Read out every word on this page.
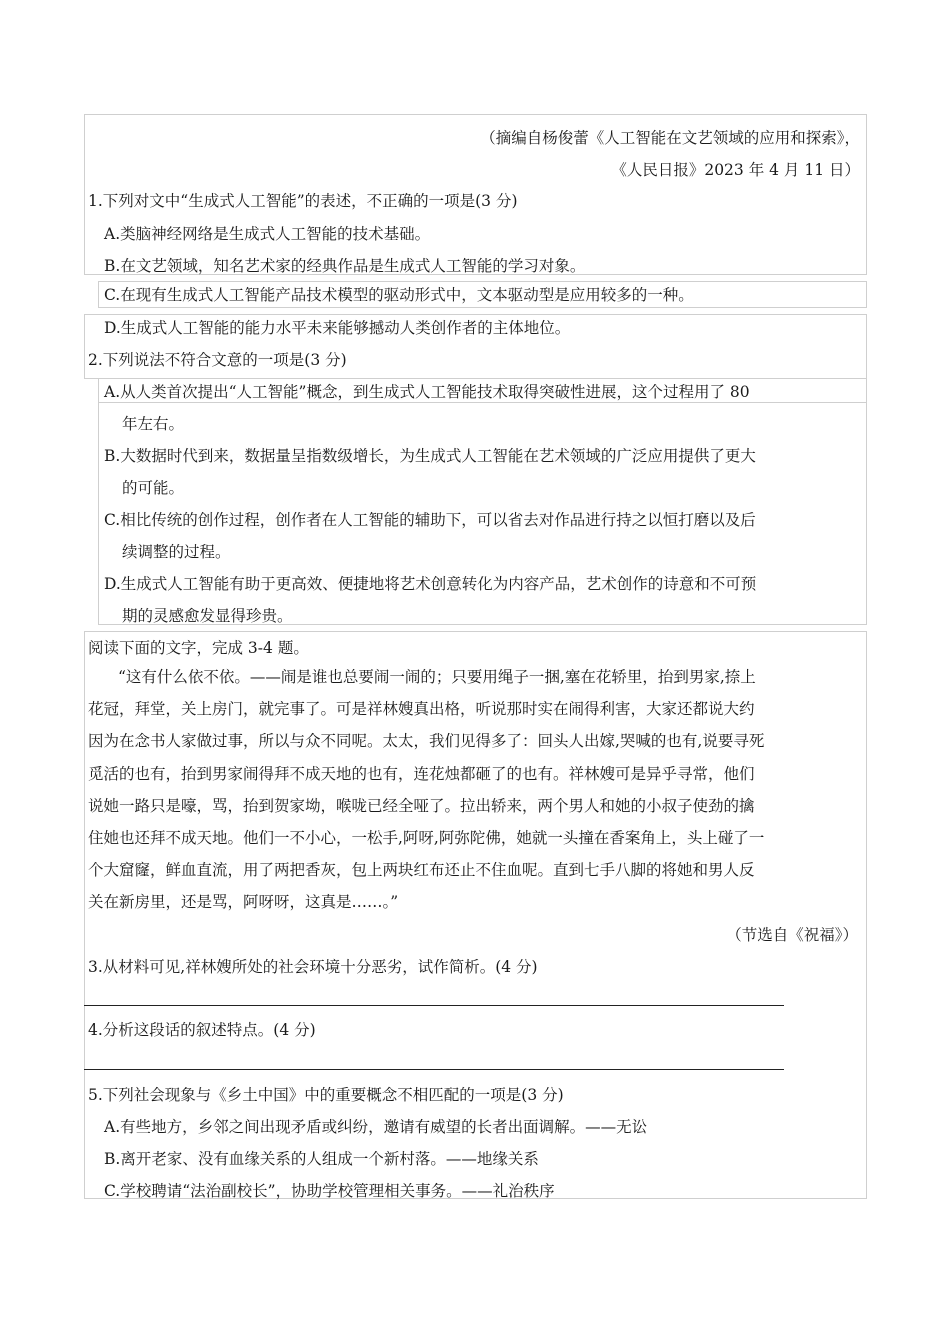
（摘编自杨俊蕾《人工智能在文艺领域的应用和探索》，
《人民日报》2023 年 4 月 11 日）
1.下列对文中“生成式人工智能”的表述，不正确的一项是(3 分)
A.类脑神经网络是生成式人工智能的技术基础。
B.在文艺领域，知名艺术家的经典作品是生成式人工智能的学习对象。
C.在现有生成式人工智能产品技术模型的驱动形式中，文本驱动型是应用较多的一种。
D.生成式人工智能的能力水平未来能够撼动人类创作者的主体地位。
2.下列说法不符合文意的一项是(3 分)
A.从人类首次提出“人工智能”概念，到生成式人工智能技术取得突破性进展，这个过程用了 80
年左右。
B.大数据时代到来，数据量呈指数级增长，为生成式人工智能在艺术领域的广泛应用提供了更大
的可能。
C.相比传统的创作过程，创作者在人工智能的辅助下，可以省去对作品进行持之以恒打磨以及后
续调整的过程。
D.生成式人工智能有助于更高效、便捷地将艺术创意转化为内容产品，艺术创作的诗意和不可预
期的灵感愈发显得珍贵。
阅读下面的文字，完成 3-4 题。
“这有什么依不依。——闹是谁也总要闹一闹的；只要用绳子一捆,塞在花轿里，抬到男家,捺上
花冠，拜堂，关上房门，就完事了。可是祥林嫂真出格，听说那时实在闹得利害，大家还都说大约
因为在念书人家做过事，所以与众不同呢。太太，我们见得多了：回头人出嫁,哭喊的也有,说要寻死
觅活的也有，抬到男家闹得拜不成天地的也有，连花烛都砸了的也有。祥林嫂可是异乎寻常，他们
说她一路只是嚎，骂，抬到贺家坳，喉咙已经全哑了。拉出轿来，两个男人和她的小叔子使劲的擒
住她也还拜不成天地。他们一不小心，一松手,阿呀,阿弥陀佛，她就一头撞在香案角上，头上碰了一
个大窟窿，鲜血直流，用了两把香灰，包上两块红布还止不住血呢。直到七手八脚的将她和男人反
关在新房里，还是骂，阿呀呀，这真是……。”
（节选自《祝福》）
3.从材料可见,祥林嫂所处的社会环境十分恶劣，试作简析。(4 分)
4.分析这段话的叙述特点。(4 分)
5.下列社会现象与《乡土中国》中的重要概念不相匹配的一项是(3 分)
A.有些地方，乡邻之间出现矛盾或纠纷，邀请有威望的长者出面调解。——无讼
B.离开老家、没有血缘关系的人组成一个新村落。——地缘关系
C.学校聘请“法治副校长”，协助学校管理相关事务。——礼治秩序
